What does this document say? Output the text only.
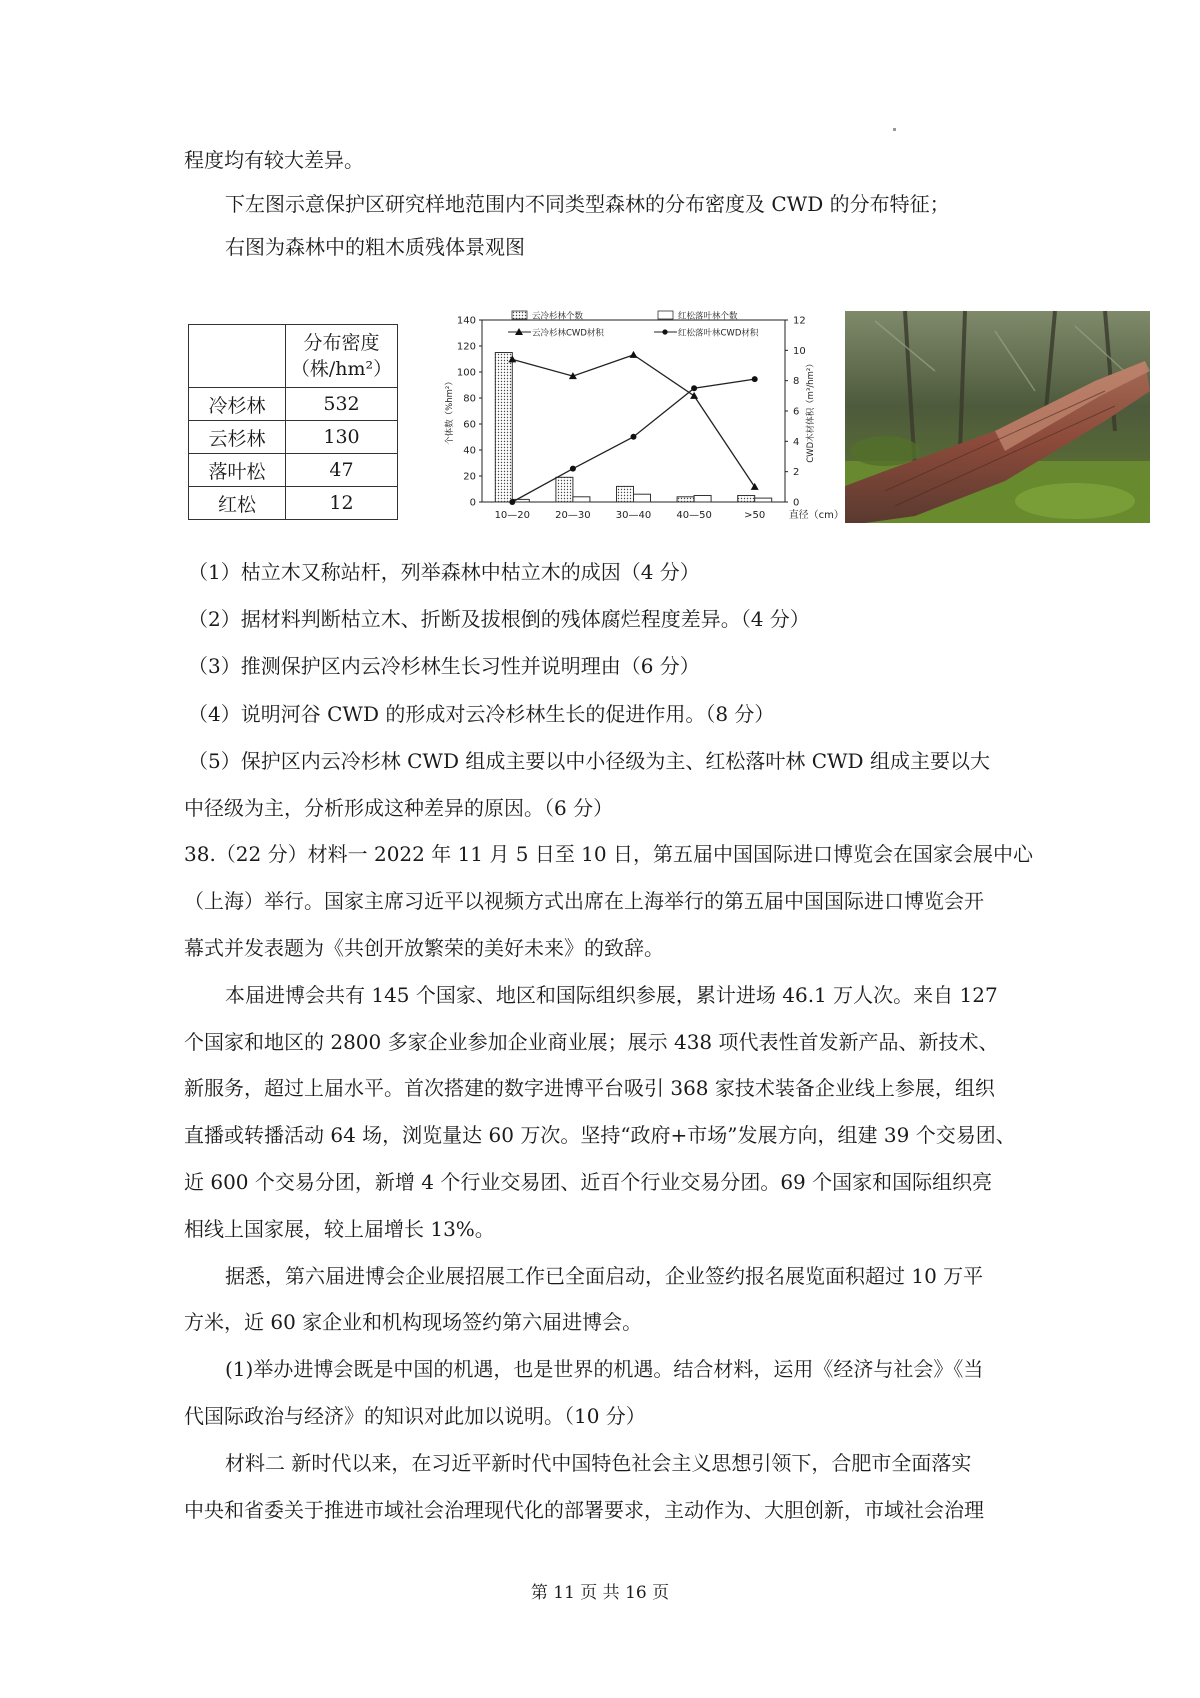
程度均有较大差异。
下左图示意保护区研究样地范围内不同类型森林的分布密度及 CWD 的分布特征；
右图为森林中的粗木质残体景观图

	分布密度
（株/hm²）

冷杉林	532
云杉林	130
落叶松	47
红松	12	0
20
40
60
80
100
120
140
0
2
4
6
8
10
12
个体数（%hm²）	CWD木材体积（m³/hm²）
10—20	20—30	30—40	40—50	>50 直径（cm）
云冷杉林个数	红松落叶林个数
云冷杉林CWD材积	红松落叶林CWD材积
（1）枯立木又称站杆，列举森林中枯立木的成因（4 分）
（2）据材料判断枯立木、折断及拔根倒的残体腐烂程度差异。（4 分）
（3）推测保护区内云冷杉林生长习性并说明理由（6 分）
（4）说明河谷 CWD 的形成对云冷杉林生长的促进作用。（8 分）
（5）保护区内云冷杉林 CWD 组成主要以中小径级为主、红松落叶林 CWD 组成主要以大
中径级为主，分析形成这种差异的原因。（6 分）
38.（22 分）材料一 2022 年 11 月 5 日至 10 日，第五届中国国际进口博览会在国家会展中心
（上海）举行。国家主席习近平以视频方式出席在上海举行的第五届中国国际进口博览会开
幕式并发表题为《共创开放繁荣的美好未来》的致辞。
本届进博会共有 145 个国家、地区和国际组织参展，累计进场 46.1 万人次。来自 127
个国家和地区的 2800 多家企业参加企业商业展；展示 438 项代表性首发新产品、新技术、
新服务，超过上届水平。首次搭建的数字进博平台吸引 368 家技术装备企业线上参展，组织
直播或转播活动 64 场，浏览量达 60 万次。坚持“政府+市场”发展方向，组建 39 个交易团、
近 600 个交易分团，新增 4 个行业交易团、近百个行业交易分团。69 个国家和国际组织亮
相线上国家展，较上届增长 13%。
据悉，第六届进博会企业展招展工作已全面启动，企业签约报名展览面积超过 10 万平
方米，近 60 家企业和机构现场签约第六届进博会。
(1)举办进博会既是中国的机遇，也是世界的机遇。结合材料，运用《经济与社会》《当
代国际政治与经济》的知识对此加以说明。（10 分）
材料二 新时代以来，在习近平新时代中国特色社会主义思想引领下，合肥市全面落实
中央和省委关于推进市域社会治理现代化的部署要求，主动作为、大胆创新，市域社会治理
第 11 页 共 16 页
